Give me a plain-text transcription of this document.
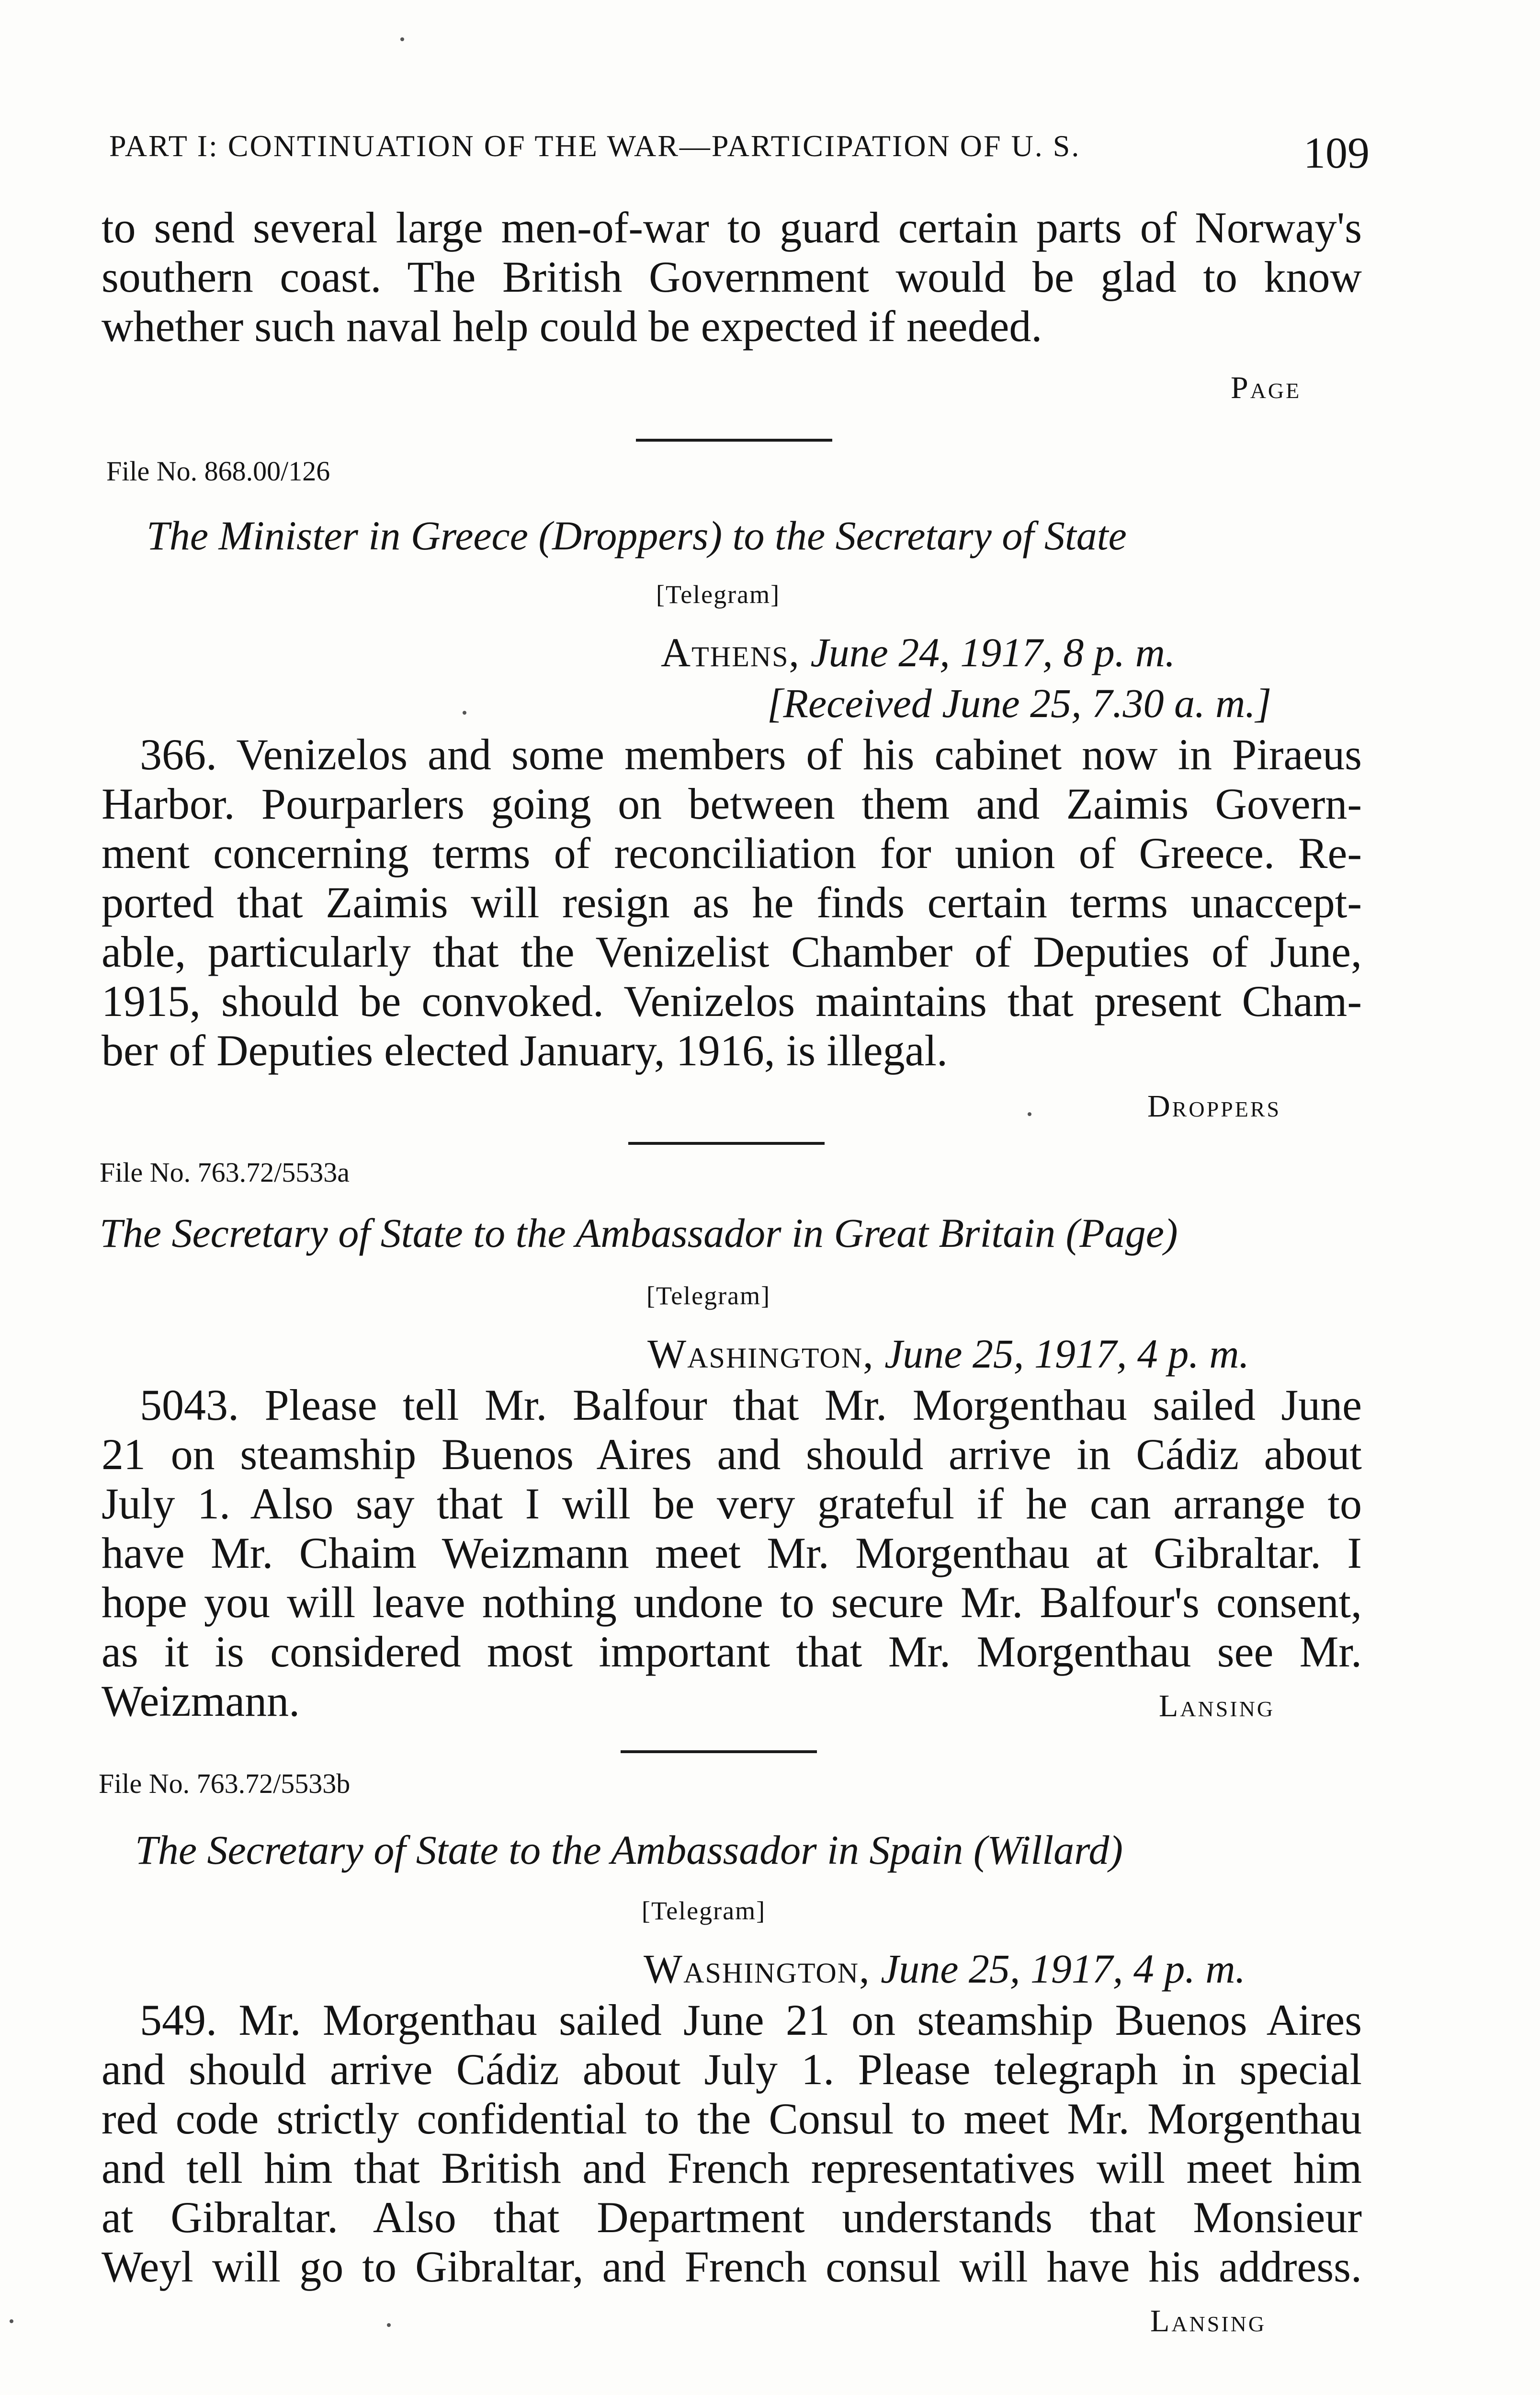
PART I: CONTINUATION OF THE WAR—PARTICIPATION OF U. S.	109
to send several large men-of-war to guard certain parts of Norway's
southern coast. The British Government would be glad to know
whether such naval help could be expected if needed.
Page
File No. 868.00/126
The Minister in Greece (Droppers) to the Secretary of State
[Telegram]
Athens, June 24, 1917, 8 p. m.
[Received June 25, 7.30 a. m.]
366. Venizelos and some members of his cabinet now in Piraeus
Harbor. Pourparlers going on between them and Zaimis Govern-
ment concerning terms of reconciliation for union of Greece. Re-
ported that Zaimis will resign as he finds certain terms unaccept-
able, particularly that the Venizelist Chamber of Deputies of June,
1915, should be convoked. Venizelos maintains that present Cham-
ber of Deputies elected January, 1916, is illegal.
Droppers
File No. 763.72/5533a
The Secretary of State to the Ambassador in Great Britain (Page)
[Telegram]
Washington, June 25, 1917, 4 p. m.
5043. Please tell Mr. Balfour that Mr. Morgenthau sailed June
21 on steamship Buenos Aires and should arrive in Cádiz about
July 1. Also say that I will be very grateful if he can arrange to
have Mr. Chaim Weizmann meet Mr. Morgenthau at Gibraltar. I
hope you will leave nothing undone to secure Mr. Balfour's consent,
as it is considered most important that Mr. Morgenthau see Mr.
Weizmann.	Lansing
File No. 763.72/5533b
The Secretary of State to the Ambassador in Spain (Willard)
[Telegram]
Washington, June 25, 1917, 4 p. m.
549. Mr. Morgenthau sailed June 21 on steamship Buenos Aires
and should arrive Cádiz about July 1. Please telegraph in special
red code strictly confidential to the Consul to meet Mr. Morgenthau
and tell him that British and French representatives will meet him
at Gibraltar. Also that Department understands that Monsieur
Weyl will go to Gibraltar, and French consul will have his address.
Lansing
